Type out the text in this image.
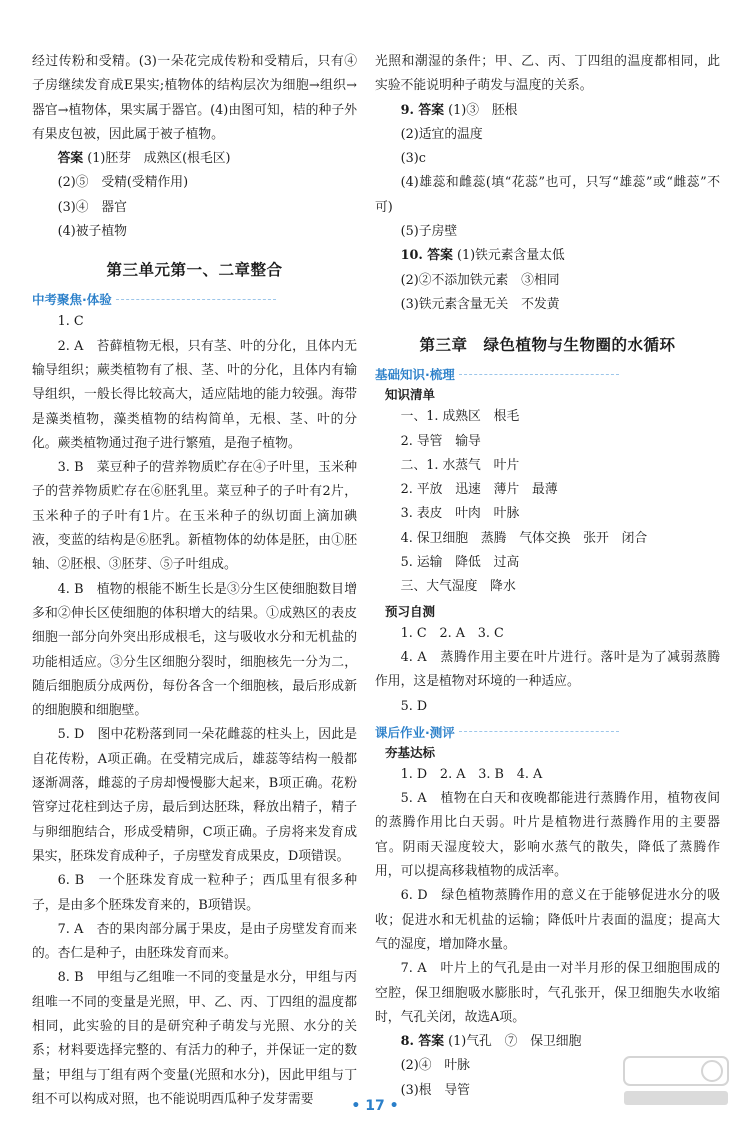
经过传粉和受精。(3)一朵花完成传粉和受精后，只有④子房继续发育成E果实;植物体的结构层次为细胞→组织→器官→植物体，果实属于器官。(4)由图可知，桔的种子外有果皮包被，因此属于被子植物。

答案 (1)胚芽　成熟区(根毛区)

(2)⑤　受精(受精作用)

(3)④　器官

(4)被子植物

第三单元第一、二章整合
中考聚焦·体验

1. C

2. A　苔藓植物无根，只有茎、叶的分化，且体内无输导组织；蕨类植物有了根、茎、叶的分化，且体内有输导组织，一般长得比较高大，适应陆地的能力较强。海带是藻类植物，藻类植物的结构简单，无根、茎、叶的分化。蕨类植物通过孢子进行繁殖，是孢子植物。

3. B　菜豆种子的营养物质贮存在④子叶里，玉米种子的营养物质贮存在⑥胚乳里。菜豆种子的子叶有2片，玉米种子的子叶有1片。在玉米种子的纵切面上滴加碘液，变蓝的结构是⑥胚乳。新植物体的幼体是胚，由①胚轴、②胚根、③胚芽、⑤子叶组成。

4. B　植物的根能不断生长是③分生区使细胞数目增多和②伸长区使细胞的体积增大的结果。①成熟区的表皮细胞一部分向外突出形成根毛，这与吸收水分和无机盐的功能相适应。③分生区细胞分裂时，细胞核先一分为二，随后细胞质分成两份，每份各含一个细胞核，最后形成新的细胞膜和细胞壁。

5. D　图中花粉落到同一朵花雌蕊的柱头上，因此是自花传粉，A项正确。在受精完成后，雄蕊等结构一般都逐渐凋落，雌蕊的子房却慢慢膨大起来，B项正确。花粉管穿过花柱到达子房，最后到达胚珠，释放出精子，精子与卵细胞结合，形成受精卵，C项正确。子房将来发育成果实，胚珠发育成种子，子房壁发育成果皮，D项错误。

6. B　一个胚珠发育成一粒种子；西瓜里有很多种子，是由多个胚珠发育来的，B项错误。

7. A　杏的果肉部分属于果皮，是由子房壁发育而来的。杏仁是种子，由胚珠发育而来。

8. B　甲组与乙组唯一不同的变量是水分，甲组与丙组唯一不同的变量是光照，甲、乙、丙、丁四组的温度都相同，此实验的目的是研究种子萌发与光照、水分的关系；材料要选择完整的、有活力的种子，并保证一定的数量；甲组与丁组有两个变量(光照和水分)，因此甲组与丁组不可以构成对照，也不能说明西瓜种子发芽需要

光照和潮湿的条件；甲、乙、丙、丁四组的温度都相同，此实验不能说明种子萌发与温度的关系。

9. 答案 (1)③　胚根

(2)适宜的温度

(3)c

(4)雄蕊和雌蕊(填“花蕊”也可，只写“雄蕊”或“雌蕊”不可)

(5)子房壁

10. 答案 (1)铁元素含量太低

(2)②不添加铁元素　③相同

(3)铁元素含量无关　不发黄

第三章　绿色植物与生物圈的水循环
基础知识·梳理
知识清单

一、1. 成熟区　根毛

2. 导管　输导

二、1. 水蒸气　叶片

2. 平放　迅速　薄片　最薄

3. 表皮　叶肉　叶脉

4. 保卫细胞　蒸腾　气体交换　张开　闭合

5. 运输　降低　过高

三、大气湿度　降水

预习自测

1. C　2. A　3. C

4. A　蒸腾作用主要在叶片进行。落叶是为了减弱蒸腾作用，这是植物对环境的一种适应。

5. D

课后作业·测评
夯基达标

1. D　2. A　3. B　4. A

5. A　植物在白天和夜晚都能进行蒸腾作用，植物夜间的蒸腾作用比白天弱。叶片是植物进行蒸腾作用的主要器官。阴雨天湿度较大，影响水蒸气的散失，降低了蒸腾作用，可以提高移栽植物的成活率。

6. D　绿色植物蒸腾作用的意义在于能够促进水分的吸收；促进水和无机盐的运输；降低叶片表面的温度；提高大气的湿度，增加降水量。

7. A　叶片上的气孔是由一对半月形的保卫细胞围成的空腔，保卫细胞吸水膨胀时，气孔张开，保卫细胞失水收缩时，气孔关闭，故选A项。

8. 答案 (1)气孔　⑦　保卫细胞

(2)④　叶脉

(3)根　导管

• 17 •
